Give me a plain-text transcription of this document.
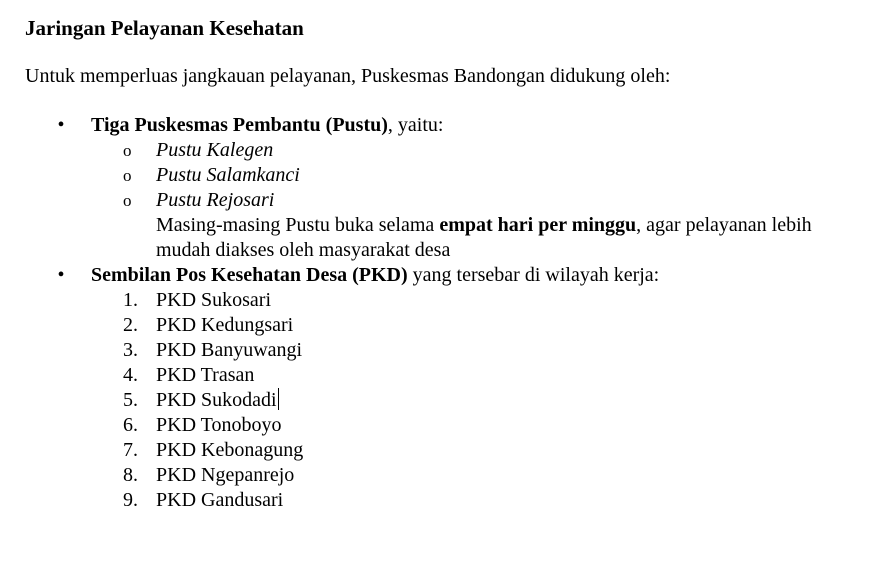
Jaringan Pelayanan Kesehatan

Untuk memperluas jangkauan pelayanan, Puskesmas Bandongan didukung oleh:

• Tiga Puskesmas Pembantu (Pustu), yaitu:
o Pustu Kalegen
o Pustu Salamkanci
o Pustu Rejosari
Masing-masing Pustu buka selama empat hari per minggu, agar pelayanan lebih mudah diakses oleh masyarakat desa
• Sembilan Pos Kesehatan Desa (PKD) yang tersebar di wilayah kerja:
1. PKD Sukosari
2. PKD Kedungsari
3. PKD Banyuwangi
4. PKD Trasan
5. PKD Sukodadi
6. PKD Tonoboyo
7. PKD Kebonagung
8. PKD Ngepanrejo
9. PKD Gandusari
